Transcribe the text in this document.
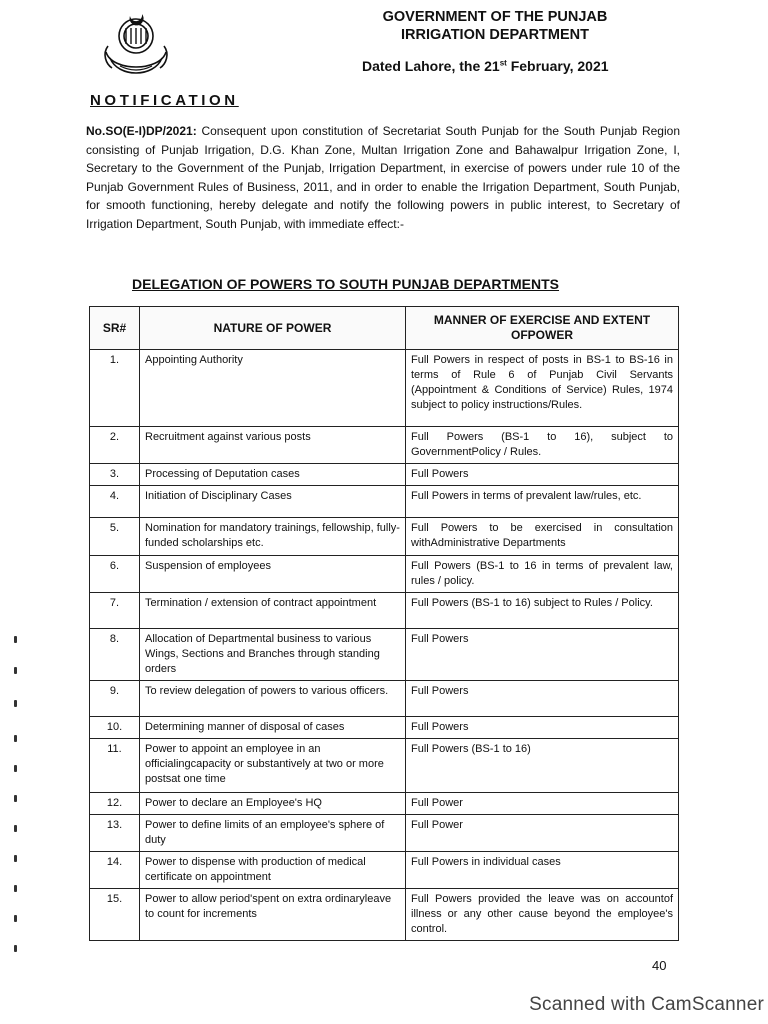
GOVERNMENT OF THE PUNJAB
IRRIGATION DEPARTMENT
Dated Lahore, the 21st February, 2021
NOTIFICATION

No.SO(E-I)DP/2021: Consequent upon constitution of Secretariat South Punjab for the South Punjab Region consisting of Punjab Irrigation, D.G. Khan Zone, Multan Irrigation Zone and Bahawalpur Irrigation Zone, I, Secretary to the Government of the Punjab, Irrigation Department, in exercise of powers under rule 10 of the Punjab Government Rules of Business, 2011, and in order to enable the Irrigation Department, South Punjab, for smooth functioning, hereby delegate and notify the following powers in public interest, to Secretary of Irrigation Department, South Punjab, with immediate effect:-

DELEGATION OF POWERS TO SOUTH PUNJAB DEPARTMENTS
SR#	NATURE OF POWER	MANNER OF EXERCISE AND EXTENT OFPOWER
1.	Appointing Authority	Full Powers in respect of posts in BS-1 to BS-16 in terms of Rule 6 of Punjab Civil Servants (Appointment & Conditions of Service) Rules, 1974 subject to policy instructions/Rules.
2.	Recruitment against various posts	Full Powers (BS-1 to 16), subject to GovernmentPolicy / Rules.
3.	Processing of Deputation cases	Full Powers
4.	Initiation of Disciplinary Cases	Full Powers in terms of prevalent law/rules, etc.
5.	Nomination for mandatory trainings, fellowship, fully-funded scholarships etc.	Full Powers to be exercised in consultation withAdministrative Departments
6.	Suspension of employees	Full Powers (BS-1 to 16 in terms of prevalent law, rules / policy.
7.	Termination / extension of contract appointment	Full Powers (BS-1 to 16) subject to Rules / Policy.
8.	Allocation of Departmental business to various Wings, Sections and Branches through standing orders	Full Powers
9.	To review delegation of powers to various officers.	Full Powers
10.	Determining manner of disposal of cases	Full Powers
11.	Power to appoint an employee in an officialingcapacity or substantively at two or more postsat one time	Full Powers (BS-1 to 16)
12.	Power to declare an Employee's HQ	Full Power
13.	Power to define limits of an employee's sphere of duty	Full Power
14.	Power to dispense with production of medical certificate on appointment	Full Powers in individual cases
15.	Power to allow period'spent on extra ordinaryleave to count for increments	Full Powers provided the leave was on accountof illness or any other cause beyond the employee's control.
40
Scanned with CamScanner
